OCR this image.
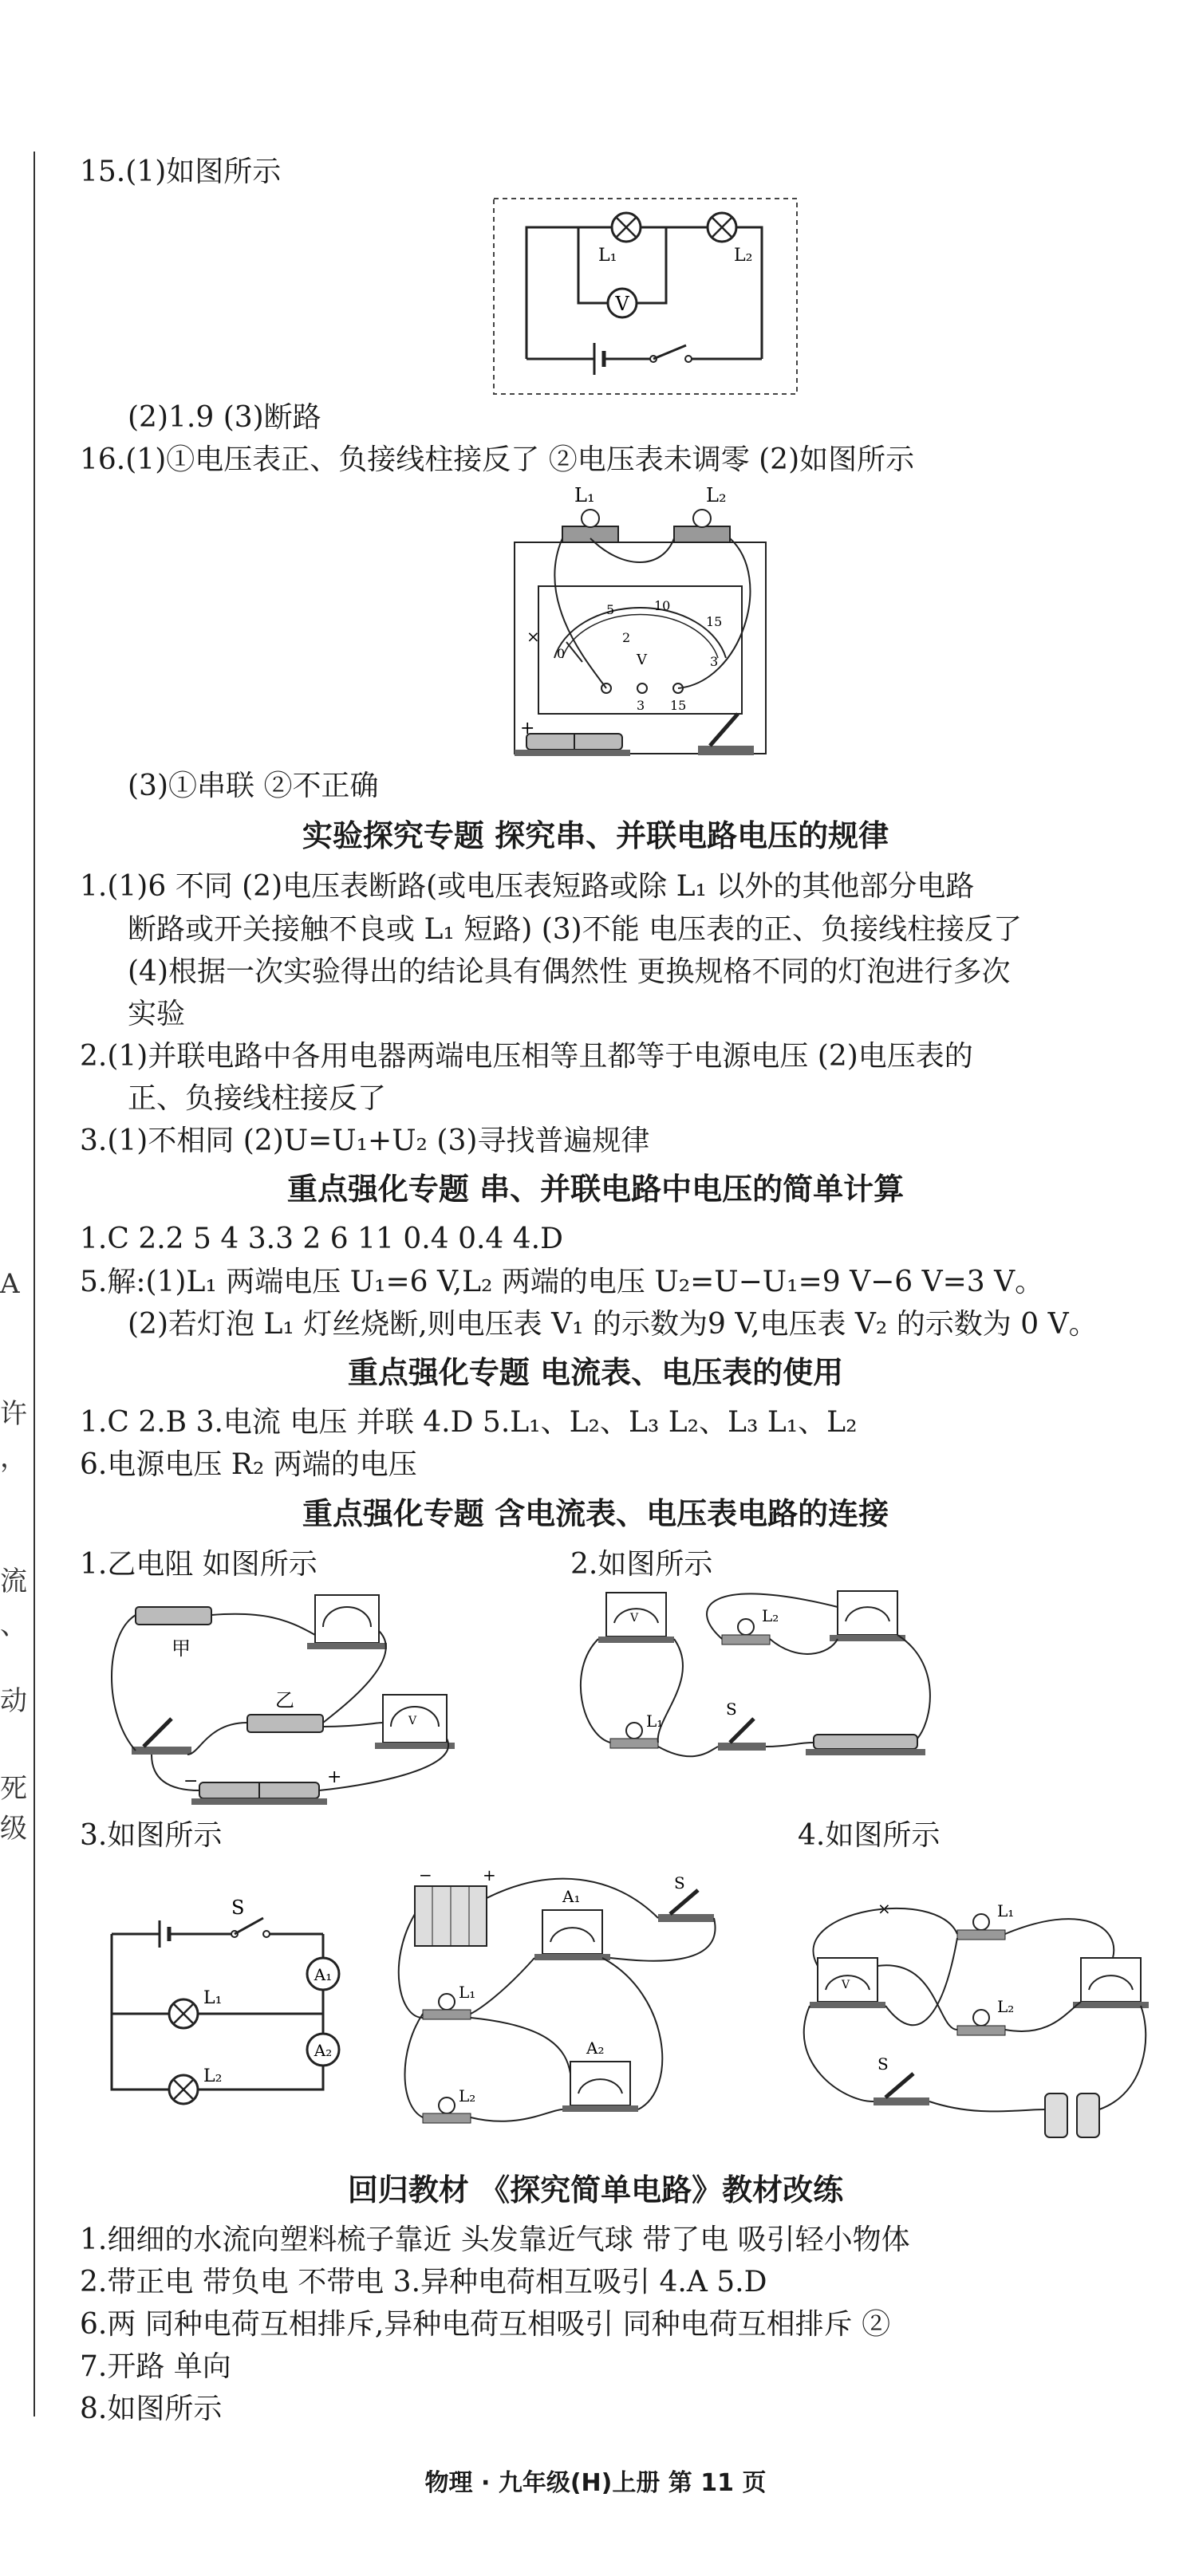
A
许
，
流
、
动
死
级
15.(1)如图所示
V
L₁	L₂
(2)1.9 (3)断路
16.(1)①电压表正、负接线柱接反了 ②电压表未调零 (2)如图所示
L₁	L₂
0
5	10
15
2
3
V
3 15
×
+
(3)①串联 ②不正确
实验探究专题 探究串、并联电路电压的规律
1.(1)6 不同 (2)电压表断路(或电压表短路或除 L₁ 以外的其他部分电路
断路或开关接触不良或 L₁ 短路) (3)不能 电压表的正、负接线柱接反了
(4)根据一次实验得出的结论具有偶然性 更换规格不同的灯泡进行多次
实验
2.(1)并联电路中各用电器两端电压相等且都等于电源电压 (2)电压表的
正、负接线柱接反了
3.(1)不相同 (2)U=U₁+U₂ (3)寻找普遍规律
重点强化专题 串、并联电路中电压的简单计算
1.C 2.2 5 4 3.3 2 6 11 0.4 0.4 4.D
5.解:(1)L₁ 两端电压 U₁=6 V,L₂ 两端的电压 U₂=U−U₁=9 V−6 V=3 V。
(2)若灯泡 L₁ 灯丝烧断,则电压表 V₁ 的示数为9 V,电压表 V₂ 的示数为 0 V。
重点强化专题 电流表、电压表的使用
1.C 2.B 3.电流 电压 并联 4.D 5.L₁、L₂、L₃ L₂、L₃ L₁、L₂
6.电源电压 R₂ 两端的电压
重点强化专题 含电流表、电压表电路的连接
1.乙电阻 如图所示	2.如图所示
甲
乙
V
−	+
V	L₂
L₁
S
3.如图所示	4.如图所示
S
L₁
L₂
A₁
A₂
−	+
A₁
S
L₁
A₂
L₂
×	L₁
V
L₂
S
回归教材 《探究简单电路》教材改练
1.细细的水流向塑料梳子靠近 头发靠近气球 带了电 吸引轻小物体
2.带正电 带负电 不带电 3.异种电荷相互吸引 4.A 5.D
6.两 同种电荷互相排斥,异种电荷互相吸引 同种电荷互相排斥 ②
7.开路 单向
8.如图所示
物理 · 九年级(H)上册 第 11 页
